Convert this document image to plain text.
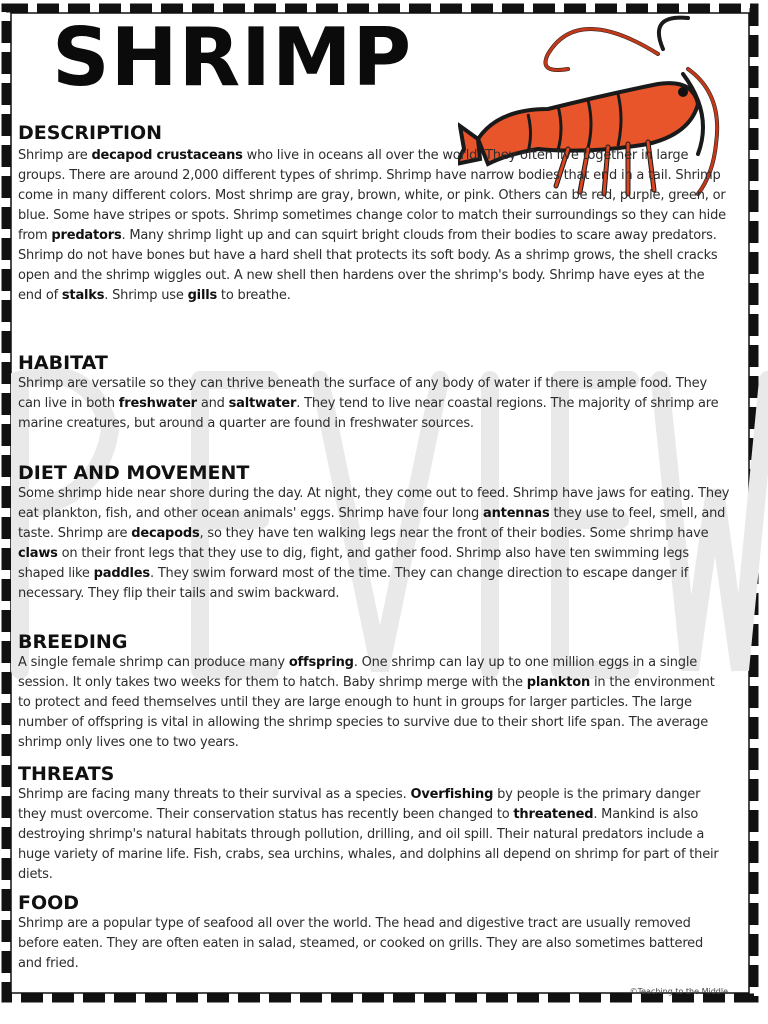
SHRIMP
DESCRIPTION

Shrimp are decapod crustaceans who live in oceans all over the world. They often live together in large groups. There are around 2,000 different types of shrimp. Shrimp have narrow bodies that end in a tail. Shrimp come in many different colors. Most shrimp are gray, brown, white, or pink. Others can be red, purple, green, or blue. Some have stripes or spots. Shrimp sometimes change color to match their surroundings so they can hide from predators. Many shrimp light up and can squirt bright clouds from their bodies to scare away predators. Shrimp do not have bones but have a hard shell that protects its soft body. As a shrimp grows, the shell cracks open and the shrimp wiggles out. A new shell then hardens over the shrimp's body. Shrimp have eyes at the end of stalks. Shrimp use gills to breathe.

HABITAT

Shrimp are versatile so they can thrive beneath the surface of any body of water if there is ample food. They can live in both freshwater and saltwater. They tend to live near coastal regions. The majority of shrimp are marine creatures, but around a quarter are found in freshwater sources.

DIET AND MOVEMENT

Some shrimp hide near shore during the day. At night, they come out to feed. Shrimp have jaws for eating. They eat plankton, fish, and other ocean animals' eggs. Shrimp have four long antennas they use to feel, smell, and taste. Shrimp are decapods, so they have ten walking legs near the front of their bodies. Some shrimp have claws on their front legs that they use to dig, fight, and gather food. Shrimp also have ten swimming legs shaped like paddles. They swim forward most of the time. They can change direction to escape danger if necessary. They flip their tails and swim backward.

BREEDING

A single female shrimp can produce many offspring. One shrimp can lay up to one million eggs in a single session. It only takes two weeks for them to hatch. Baby shrimp merge with the plankton in the environment to protect and feed themselves until they are large enough to hunt in groups for larger particles. The large number of offspring is vital in allowing the shrimp species to survive due to their short life span. The average shrimp only lives one to two years.

THREATS

Shrimp are facing many threats to their survival as a species. Overfishing by people is the primary danger they must overcome. Their conservation status has recently been changed to threatened. Mankind is also destroying shrimp's natural habitats through pollution, drilling, and oil spill. Their natural predators include a huge variety of marine life. Fish, crabs, sea urchins, whales, and dolphins all depend on shrimp for part of their diets.

FOOD

Shrimp are a popular type of seafood all over the world. The head and digestive tract are usually removed before eaten. They are often eaten in salad, steamed, or cooked on grills. They are also sometimes battered and fried.

©Teaching to the Middle
